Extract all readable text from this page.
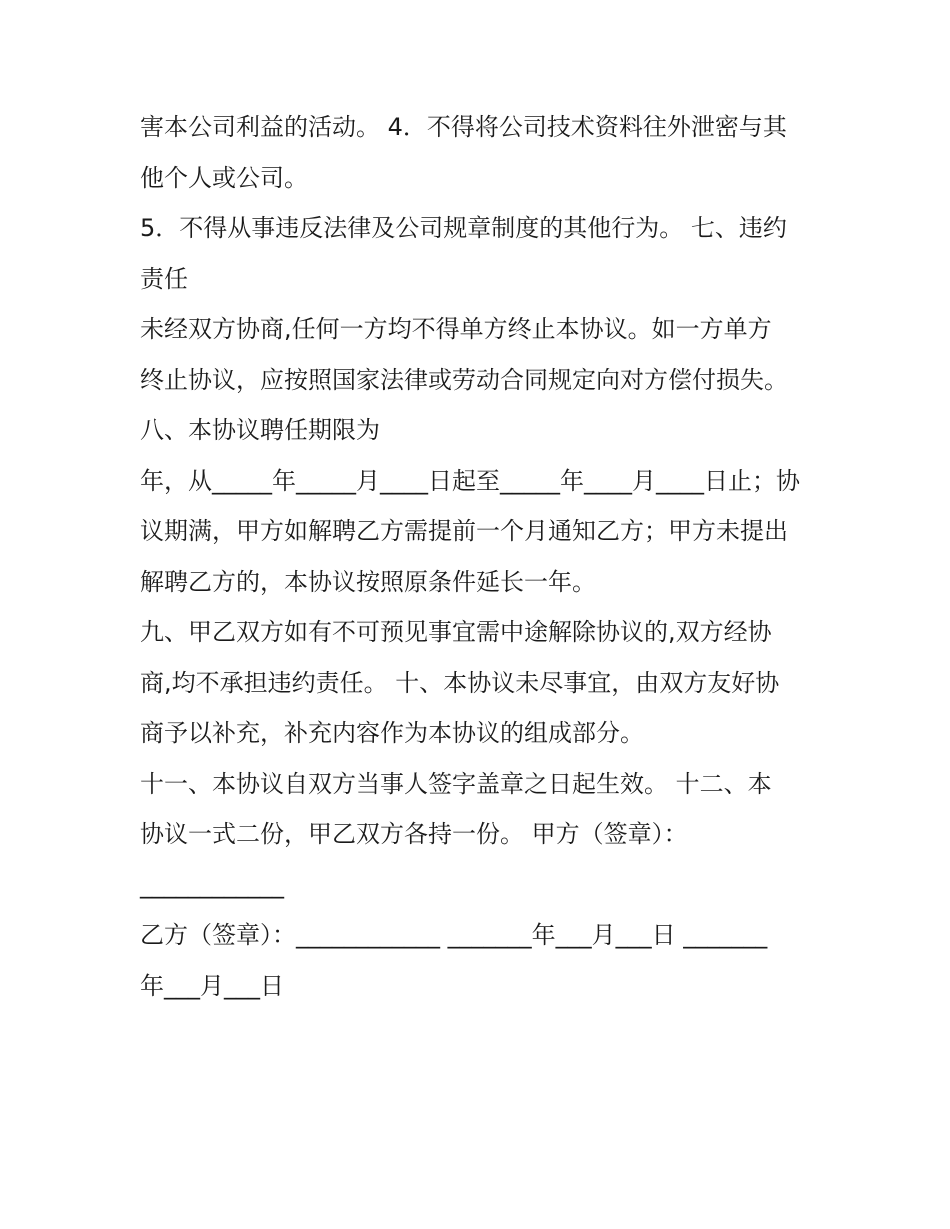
害本公司利益的活动。 4．不得将公司技术资料往外泄密与其

他个人或公司。

5．不得从事违反法律及公司规章制度的其他行为。 七、违约

责任

未经双方协商,任何一方均不得单方终止本协议。如一方单方

终止协议，应按照国家法律或劳动合同规定向对方偿付损失。

八、本协议聘任期限为

年，从_____年_____月____日起至_____年____月____日止；协

议期满，甲方如解聘乙方需提前一个月通知乙方；甲方未提出

解聘乙方的，本协议按照原条件延长一年。

九、甲乙双方如有不可预见事宜需中途解除协议的,双方经协

商,均不承担违约责任。 十、本协议未尽事宜，由双方友好协

商予以补充，补充内容作为本协议的组成部分。

十一、本协议自双方当事人签字盖章之日起生效。 十二、本

协议一式二份，甲乙双方各持一份。 甲方（签章）：

____________

乙方（签章）：____________ _______年___月___日 _______

年___月___日
